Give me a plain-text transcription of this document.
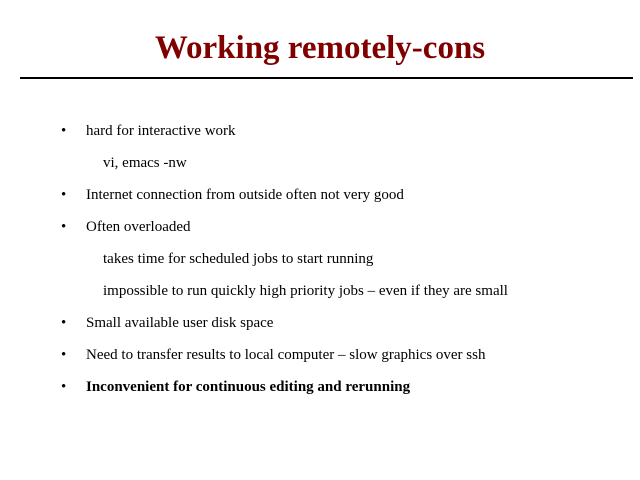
Working remotely-cons
• hard for interactive work
vi, emacs -nw
• Internet connection from outside often not very good
• Often overloaded
takes time for scheduled jobs to start running
impossible to run quickly high priority jobs – even if they are small
• Small available user disk space
• Need to transfer results to local computer – slow graphics over ssh
• Inconvenient for continuous editing and rerunning
